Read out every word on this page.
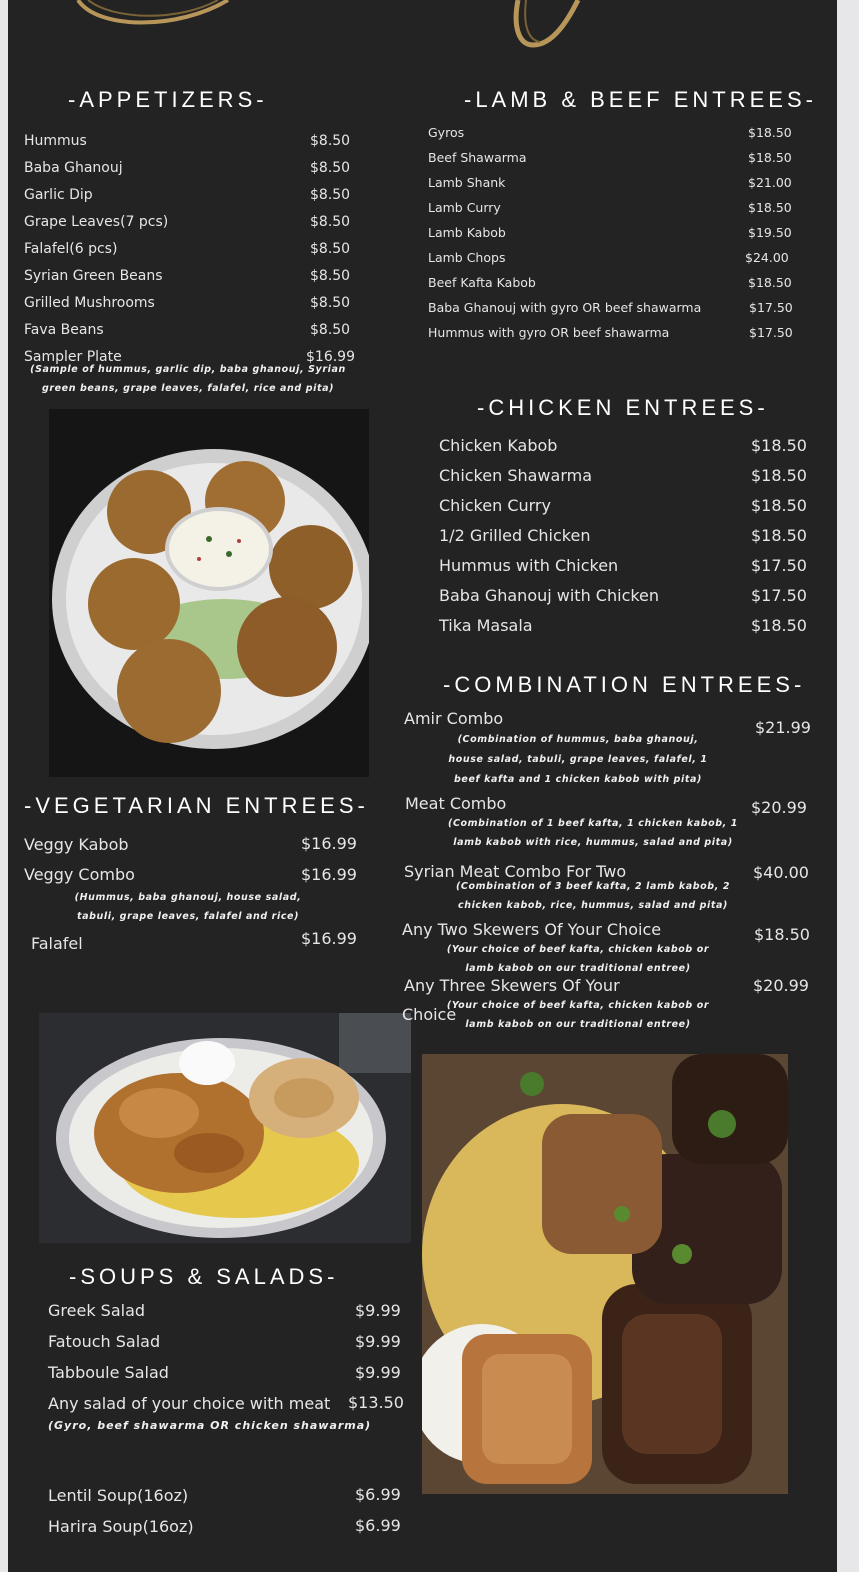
-APPETIZERS-
Hummus	$8.50
Baba Ghanouj	$8.50
Garlic Dip	$8.50
Grape Leaves(7 pcs)	$8.50
Falafel(6 pcs)	$8.50
Syrian Green Beans	$8.50
Grilled Mushrooms	$8.50
Fava Beans	$8.50
Sampler Plate	$16.99
(Sample of hummus, garlic dip, baba ghanouj, Syrian
green beans, grape leaves, falafel, rice and pita)
-VEGETARIAN ENTREES-
Veggy Kabob	$16.99
Veggy Combo	$16.99
(Hummus, baba ghanouj, house salad,
tabuli, grape leaves, falafel and rice)
Falafel	$16.99
-SOUPS & SALADS-
Greek Salad	$9.99
Fatouch Salad	$9.99
Tabboule Salad	$9.99
Any salad of your choice with meat $13.50
(Gyro, beef shawarma OR chicken shawarma)
Lentil Soup(16oz)	$6.99
Harira Soup(16oz)	$6.99
-LAMB & BEEF ENTREES-
Gyros	$18.50
Beef Shawarma	$18.50
Lamb Shank	$21.00
Lamb Curry	$18.50
Lamb Kabob	$19.50
Lamb Chops	$24.00
Beef Kafta Kabob	$18.50
Baba Ghanouj with gyro OR beef shawarma	$17.50
Hummus with gyro OR beef shawarma	$17.50
-CHICKEN ENTREES-
Chicken Kabob	$18.50
Chicken Shawarma	$18.50
Chicken Curry	$18.50
1/2 Grilled Chicken	$18.50
Hummus with Chicken	$17.50
Baba Ghanouj with Chicken	$17.50
Tika Masala	$18.50
-COMBINATION ENTREES-
Amir Combo	$21.99
(Combination of hummus, baba ghanouj,
house salad, tabuli, grape leaves, falafel, 1
beef kafta and 1 chicken kabob with pita)
Meat Combo	$20.99
(Combination of 1 beef kafta, 1 chicken kabob, 1
lamb kabob with rice, hummus, salad and pita)
Syrian Meat Combo For Two	$40.00
(Combination of 3 beef kafta, 2 lamb kabob, 2
chicken kabob, rice, hummus, salad and pita)
Any Two Skewers Of Your Choice	$18.50
(Your choice of beef kafta, chicken kabob or
lamb kabob on our traditional entree)
Any Three Skewers Of Your
Choice
$20.99
(Your choice of beef kafta, chicken kabob or
lamb kabob on our traditional entree)
